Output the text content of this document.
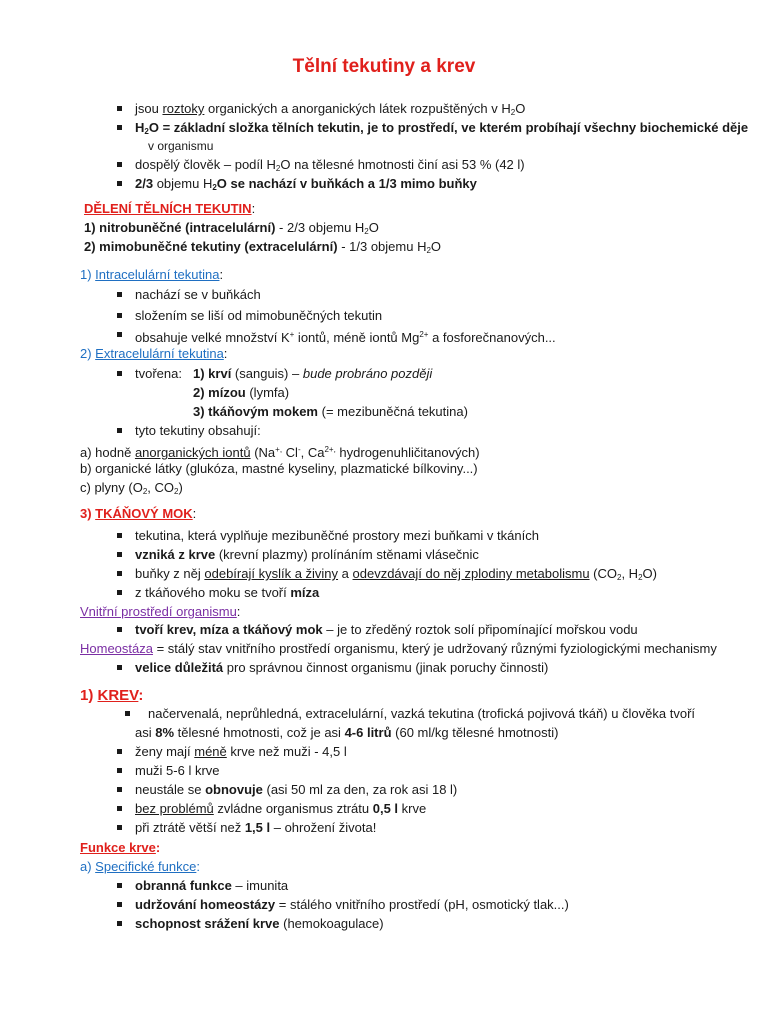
Tělní tekutiny a krev
jsou roztoky organických a anorganických látek rozpuštěných v $H_2O$
$H_2O$ = základní složka tělních tekutin, je to prostředí, ve kterém probíhají všechny biochemické děje
v organismu
dospělý člověk – podíl $H_2O$ na tělesné hmotnosti činí asi 53 % (42 l)
2/3 objemu $H_2O$ se nachází v buňkách a 1/3 mimo buňky
DĚLENÍ TĚLNÍCH TEKUTIN:
1) nitrobuněčné (intracelulární) - 2/3 objemu $H_2O$
2) mimobuněčné tekutiny (extracelulární) - 1/3 objemu $H_2O$
1) Intracelulární tekutina:
nachází se v buňkách
složením se liší od mimobuněčných tekutin
obsahuje velké množství K+ iontů, méně iontů $Mg^{2+}$ a fosforečnanových...
2) Extracelulární tekutina:
tvořena: 1) krví (sanguis) – bude probráno později
2) mízou (lymfa)
3) tkáňovým mokem (= mezibuněčná tekutina)
tyto tekutiny obsahují:
a) hodně anorganických iontů (Na+, Cl-, $Ca^{2+,}$ hydrogenuhličitanových)
b) organické látky (glukóza, mastné kyseliny, plazmatické bílkoviny...)
c) plyny ($O_2$, $CO_2$)
3) TKÁŇOVÝ MOK:
tekutina, která vyplňuje mezibuněčné prostory mezi buňkami v tkáních
vzniká z krve (krevní plazmy) prolínáním stěnami vlásečnic
buňky z něj odebírají kyslík a živiny a odevzdávají do něj zplodiny metabolismu ($CO_2$, $H_2O$)
z tkáňového moku se tvoří míza
Vnitřní prostředí organismu:
tvoří krev, míza a tkáňový mok – je to zředěný roztok solí připomínající mořskou vodu
Homeostáza = stálý stav vnitřního prostředí organismu, který je udržovaný různými fyziologickými mechanismy
velice důležitá pro správnou činnost organismu (jinak poruchy činnosti)
1) KREV:
načervenalá, neprůhledná, extracelulární, vazká tekutina (trofická pojivová tkáň) u člověka tvoří
asi 8% tělesné hmotnosti, což je asi 4-6 litrů (60 ml/kg tělesné hmotnosti)
ženy mají méně krve než muži - 4,5 l
muži 5-6 l krve
neustále se obnovuje (asi 50 ml za den, za rok asi 18 l)
bez problémů zvládne organismus ztrátu 0,5 l krve
při ztrátě větší než 1,5 l – ohrožení života!
Funkce krve:
a) Specifické funkce:
obranná funkce – imunita
udržování homeostázy = stálého vnitřního prostředí (pH, osmotický tlak...)
schopnost srážení krve (hemokoagulace)
